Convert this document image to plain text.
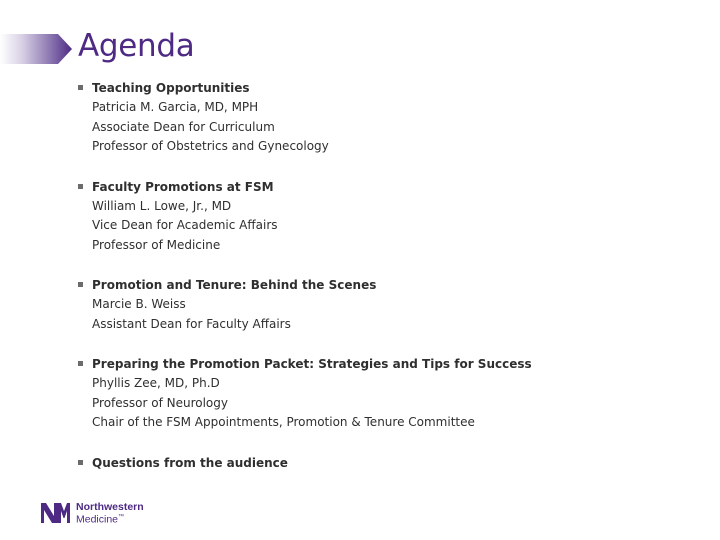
Agenda
Teaching Opportunities
Patricia M. Garcia, MD, MPH
Associate Dean for Curriculum
Professor of Obstetrics and Gynecology
Faculty Promotions at FSM
William L. Lowe, Jr., MD
Vice Dean for Academic Affairs
Professor of Medicine
Promotion and Tenure: Behind the Scenes
Marcie B. Weiss
Assistant Dean for Faculty Affairs
Preparing the Promotion Packet: Strategies and Tips for Success
Phyllis Zee, MD, Ph.D
Professor of Neurology
Chair of the FSM Appointments, Promotion & Tenure Committee
Questions from the audience
Northwestern
Medicine™
